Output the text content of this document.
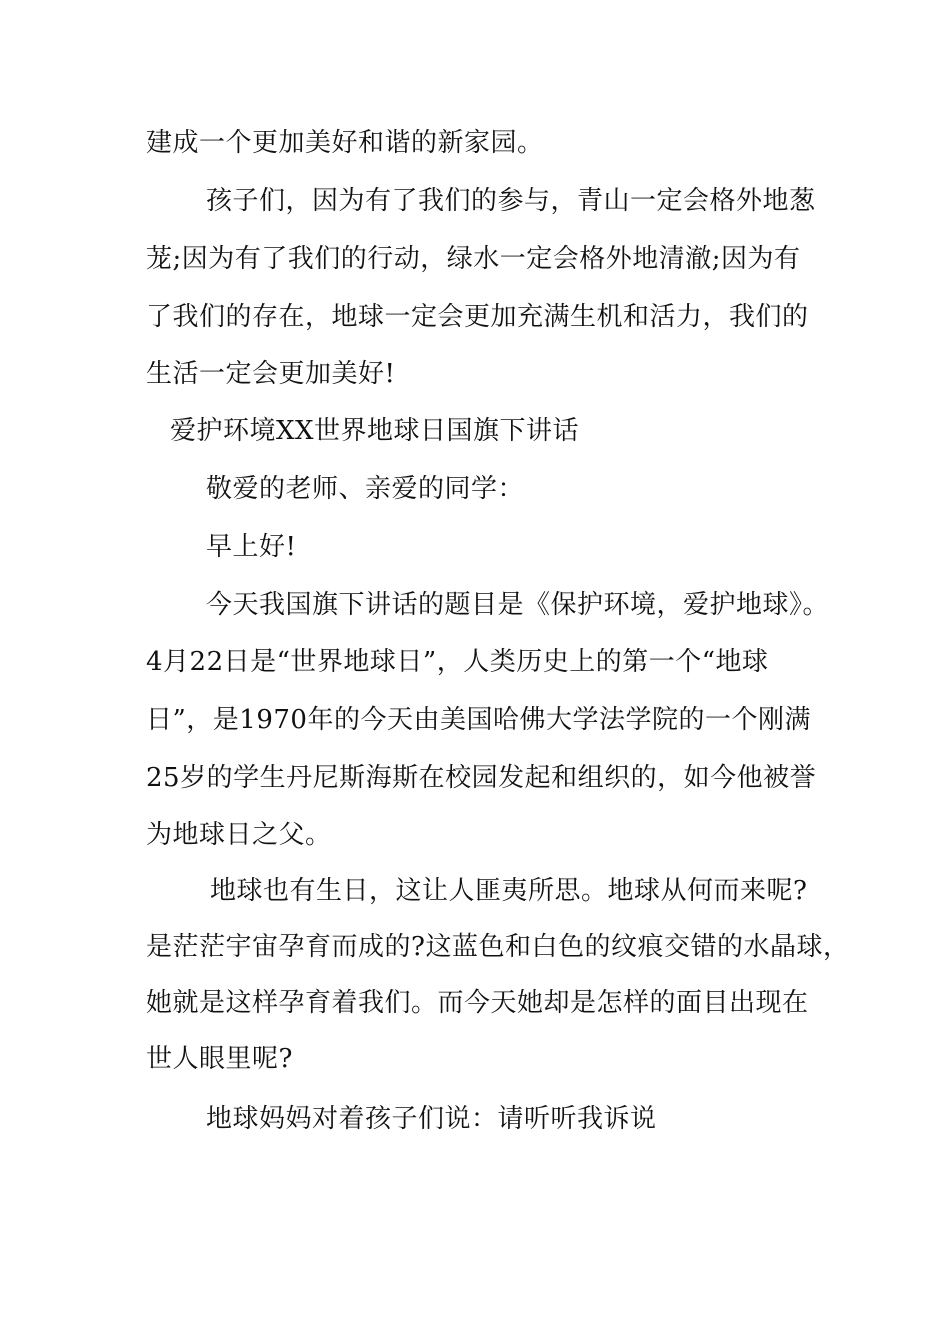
建成一个更加美好和谐的新家园。

孩子们，因为有了我们的参与，青山一定会格外地葱

茏;因为有了我们的行动，绿水一定会格外地清澈;因为有

了我们的存在，地球一定会更加充满生机和活力，我们的

生活一定会更加美好!

爱护环境XX世界地球日国旗下讲话

敬爱的老师、亲爱的同学：

早上好!

今天我国旗下讲话的题目是《保护环境，爱护地球》。

4月22日是“世界地球日”，人类历史上的第一个“地球

日”，是1970年的今天由美国哈佛大学法学院的一个刚满

25岁的学生丹尼斯海斯在校园发起和组织的，如今他被誉

为地球日之父。

地球也有生日，这让人匪夷所思。地球从何而来呢?

是茫茫宇宙孕育而成的?这蓝色和白色的纹痕交错的水晶球，

她就是这样孕育着我们。而今天她却是怎样的面目出现在

世人眼里呢?

地球妈妈对着孩子们说：请听听我诉说
